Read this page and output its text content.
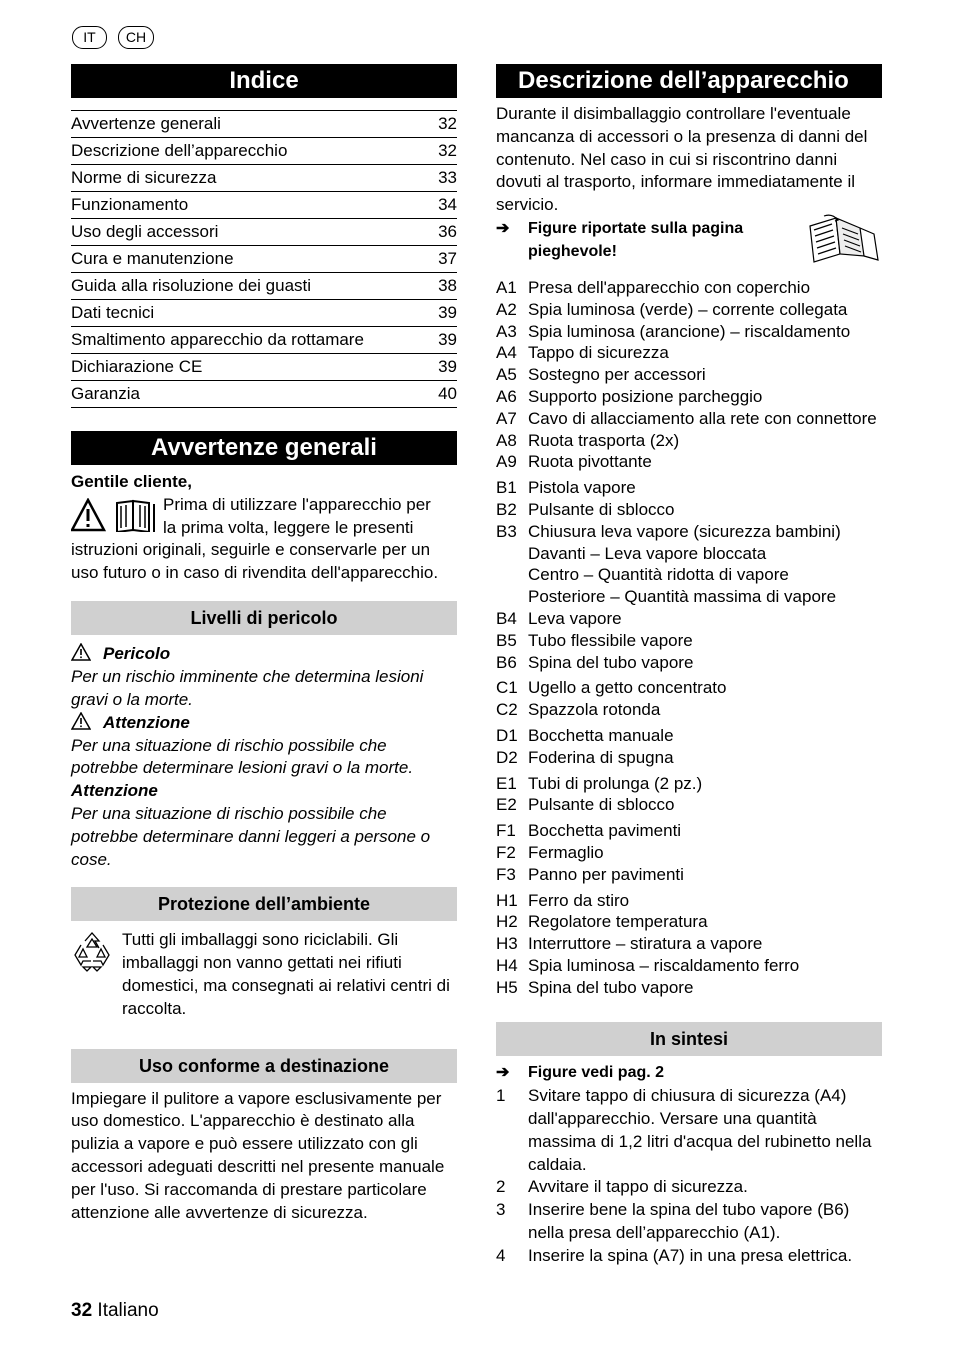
IT	CH
Indice
Avvertenze generali	32
Descrizione dell’apparecchio	32
Norme di sicurezza	33
Funzionamento	34
Uso degli accessori	36
Cura e manutenzione	37
Guida alla risoluzione dei guasti	38
Dati tecnici	39
Smaltimento apparecchio da rottamare	39
Dichiarazione CE	39
Garanzia	40
Avvertenze generali

Gentile cliente,

Prima di utilizzare l'apparecchio per

la prima volta, leggere le presenti

istruzioni originali, seguirle e conservarle per un uso futuro o in caso di rivendita dell'apparecchio.

Livelli di pericolo
Pericolo

Per un rischio imminente che determina lesioni gravi o la morte.

Attenzione

Per una situazione di rischio possibile che potrebbe determinare lesioni gravi o la morte.

Attenzione

Per una situazione di rischio possibile che potrebbe determinare danni leggeri a persone o cose.

Protezione dell’ambiente

Tutti gli imballaggi sono riciclabili. Gli imballaggi non vanno gettati nei rifiuti domestici, ma consegnati ai relativi centri di raccolta.

Uso conforme a destinazione

Impiegare il pulitore a vapore esclusivamente per uso domestico. L'apparecchio è destinato alla pulizia a vapore e può essere utilizzato con gli accessori adeguati descritti nel presente manuale per l'uso. Si raccomanda di prestare particolare attenzione alle avvertenze di sicurezza.

Descrizione dell’apparecchio

Durante il disimballaggio controllare l'eventuale mancanza di accessori o la presenza di danni del contenuto. Nel caso in cui si riscontrino danni dovuti al trasporto, informare immediatamente il servicio.

➔	Figure riportate sulla pagina

pieghevole!

A1 Presa dell'apparecchio con coperchio
A2 Spia luminosa (verde) – corrente collegata
A3 Spia luminosa (arancione) – riscaldamento
A4 Tappo di sicurezza
A5 Sostegno per accessori
A6 Supporto posizione parcheggio
A7 Cavo di allacciamento alla rete con connettore
A8 Ruota trasporta (2x)
A9 Ruota pivottante
B1 Pistola vapore
B2 Pulsante di sblocco
B3 Chiusura leva vapore (sicurezza bambini)
Davanti – Leva vapore bloccata
Centro – Quantità ridotta di vapore
Posteriore – Quantità massima di vapore
B4 Leva vapore
B5 Tubo flessibile vapore
B6 Spina del tubo vapore
C1 Ugello a getto concentrato
C2 Spazzola rotonda
D1 Bocchetta manuale
D2 Foderina di spugna
E1 Tubi di prolunga (2 pz.)
E2 Pulsante di sblocco
F1 Bocchetta pavimenti
F2 Fermaglio
F3 Panno per pavimenti
H1 Ferro da stiro
H2 Regolatore temperatura
H3 Interruttore – stiratura a vapore
H4 Spia luminosa – riscaldamento ferro
H5 Spina del tubo vapore
In sintesi
➔	Figure vedi pag. 2

1	Svitare tappo di chiusura di sicurezza (A4) dall'apparecchio. Versare una quantità massima di 1,2 litri d'acqua del rubinetto nella caldaia.
2	Avvitare il tappo di sicurezza.
3	Inserire bene la spina del tubo vapore (B6) nella presa dell’apparecchio (A1).
4	Inserire la spina (A7) in una presa elettrica.
32 Italiano
